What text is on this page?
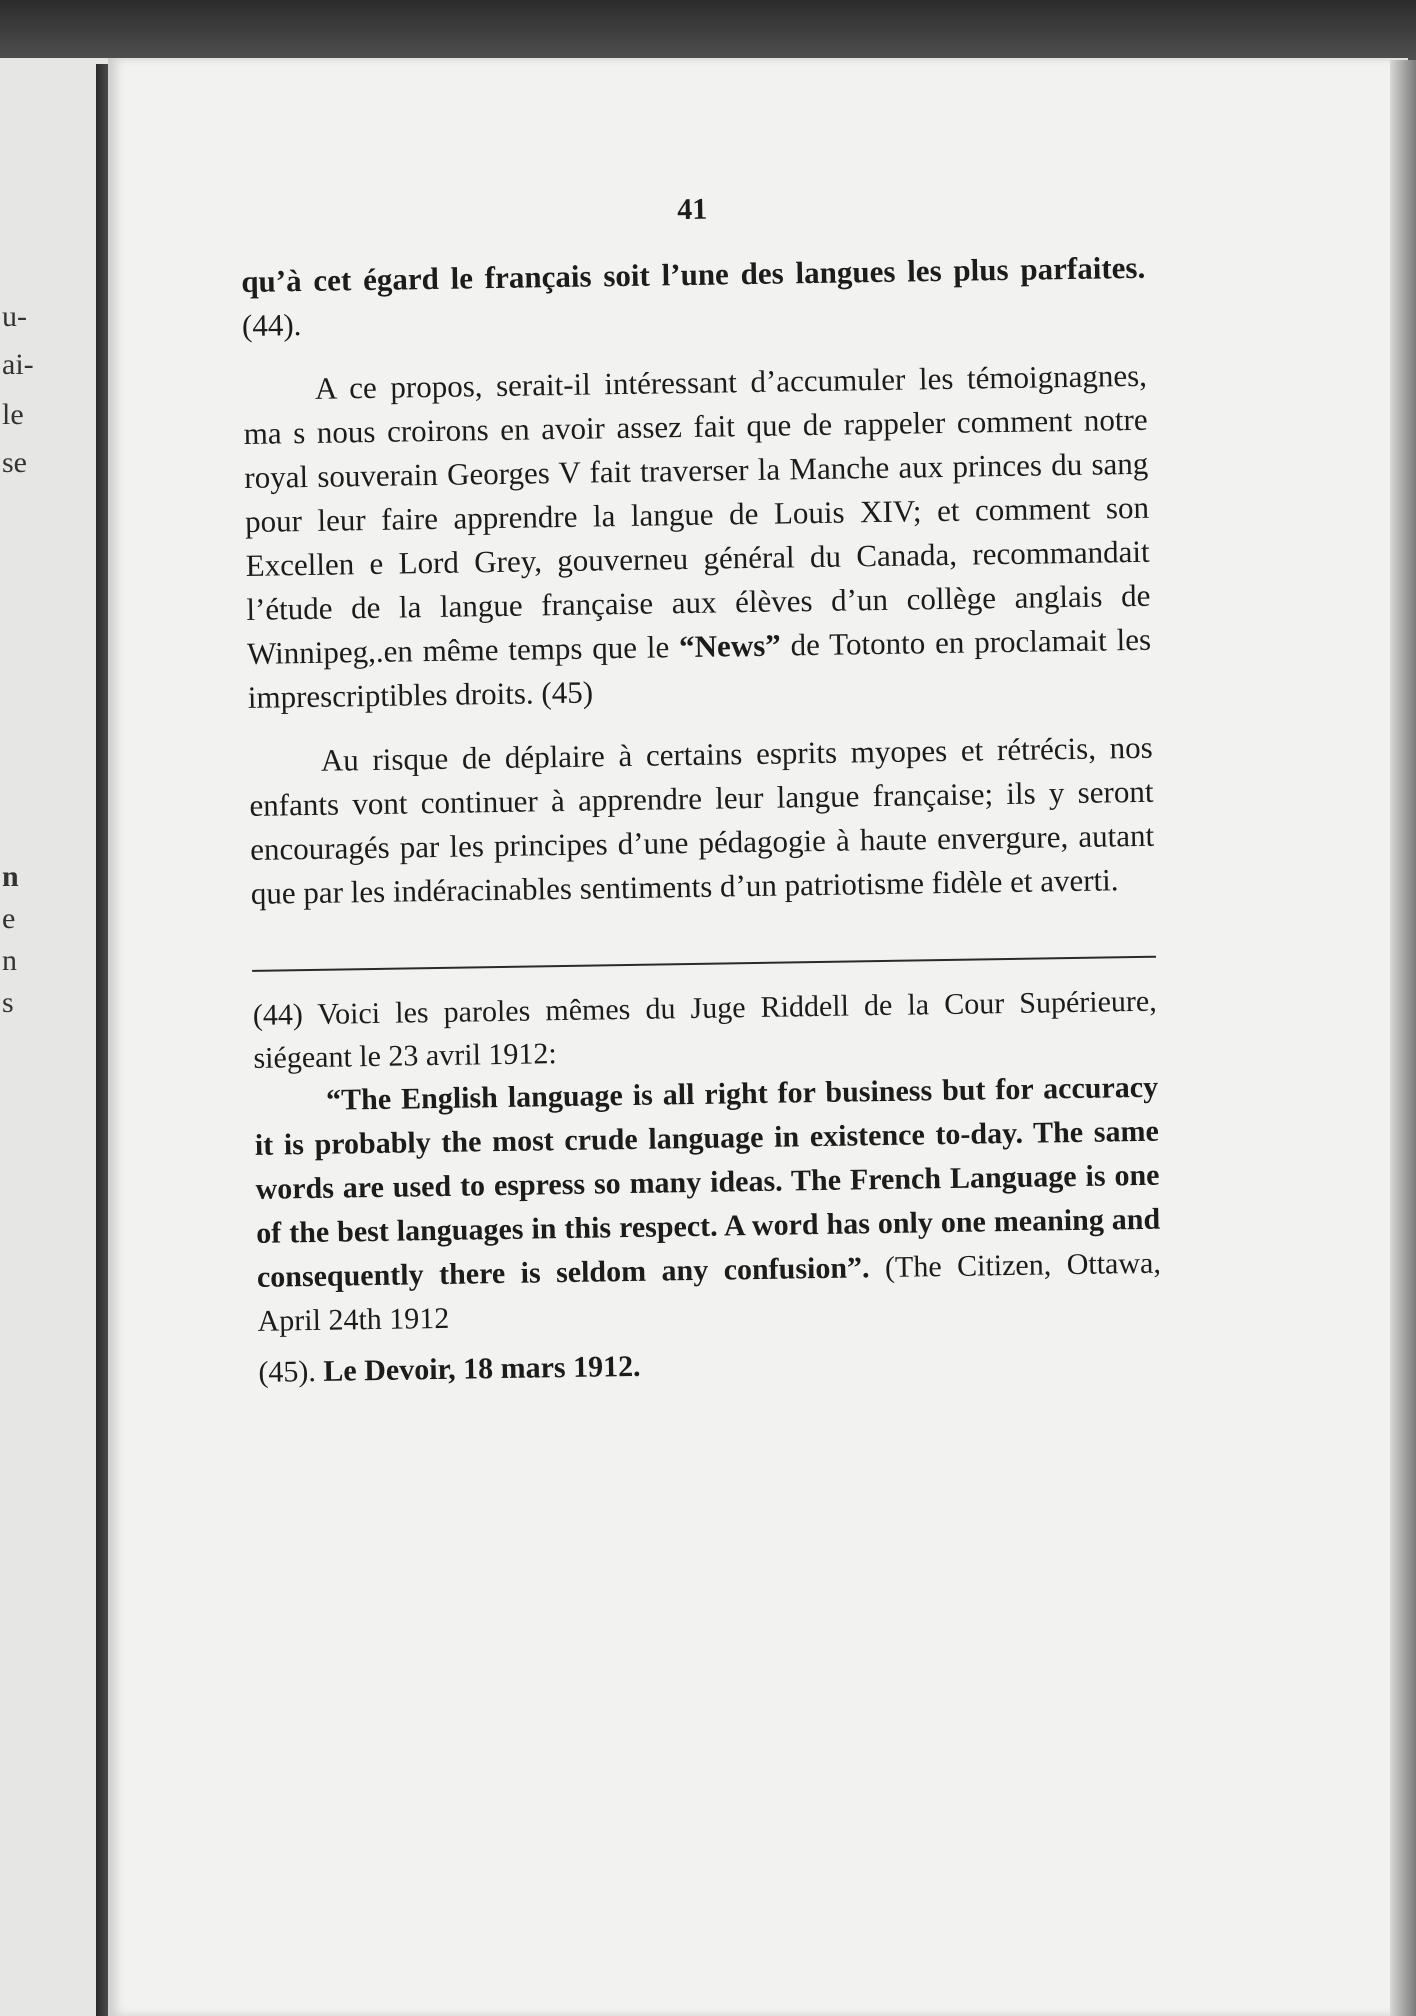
u-
ai-
le
se
n
e
n
s
41

qu’à cet égard le français soit l’une des langues les plus parfaites. (44).

A ce propos, serait-il intéressant d’accumuler les témoignagnes, ma s nous croirons en avoir assez fait que de rappeler comment notre royal souverain Georges V fait traverser la Manche aux princes du sang pour leur faire apprendre la langue de Louis XIV; et comment son Excellen e Lord Grey, gouverneu général du Canada, recommandait l’étude de la langue française aux élèves d’un collège anglais de Winnipeg,.en même temps que le “News” de Totonto en proclamait les imprescriptibles droits. (45)

Au risque de déplaire à certains esprits myopes et rétrécis, nos enfants vont continuer à apprendre leur langue française; ils y seront encouragés par les principes d’une pédagogie à haute envergure, autant que par les indéracinables sentiments d’un patriotisme fidèle et averti.

(44) Voici les paroles mêmes du Juge Riddell de la Cour Supérieure, siégeant le 23 avril 1912:

“The English language is all right for business but for accuracy it is probably the most crude language in existence to-day. The same words are used to espress so many ideas. The French Language is one of the best languages in this respect. A word has only one meaning and consequently there is seldom any confusion”. (The Citizen, Ottawa, April 24th 1912

(45). Le Devoir, 18 mars 1912.
